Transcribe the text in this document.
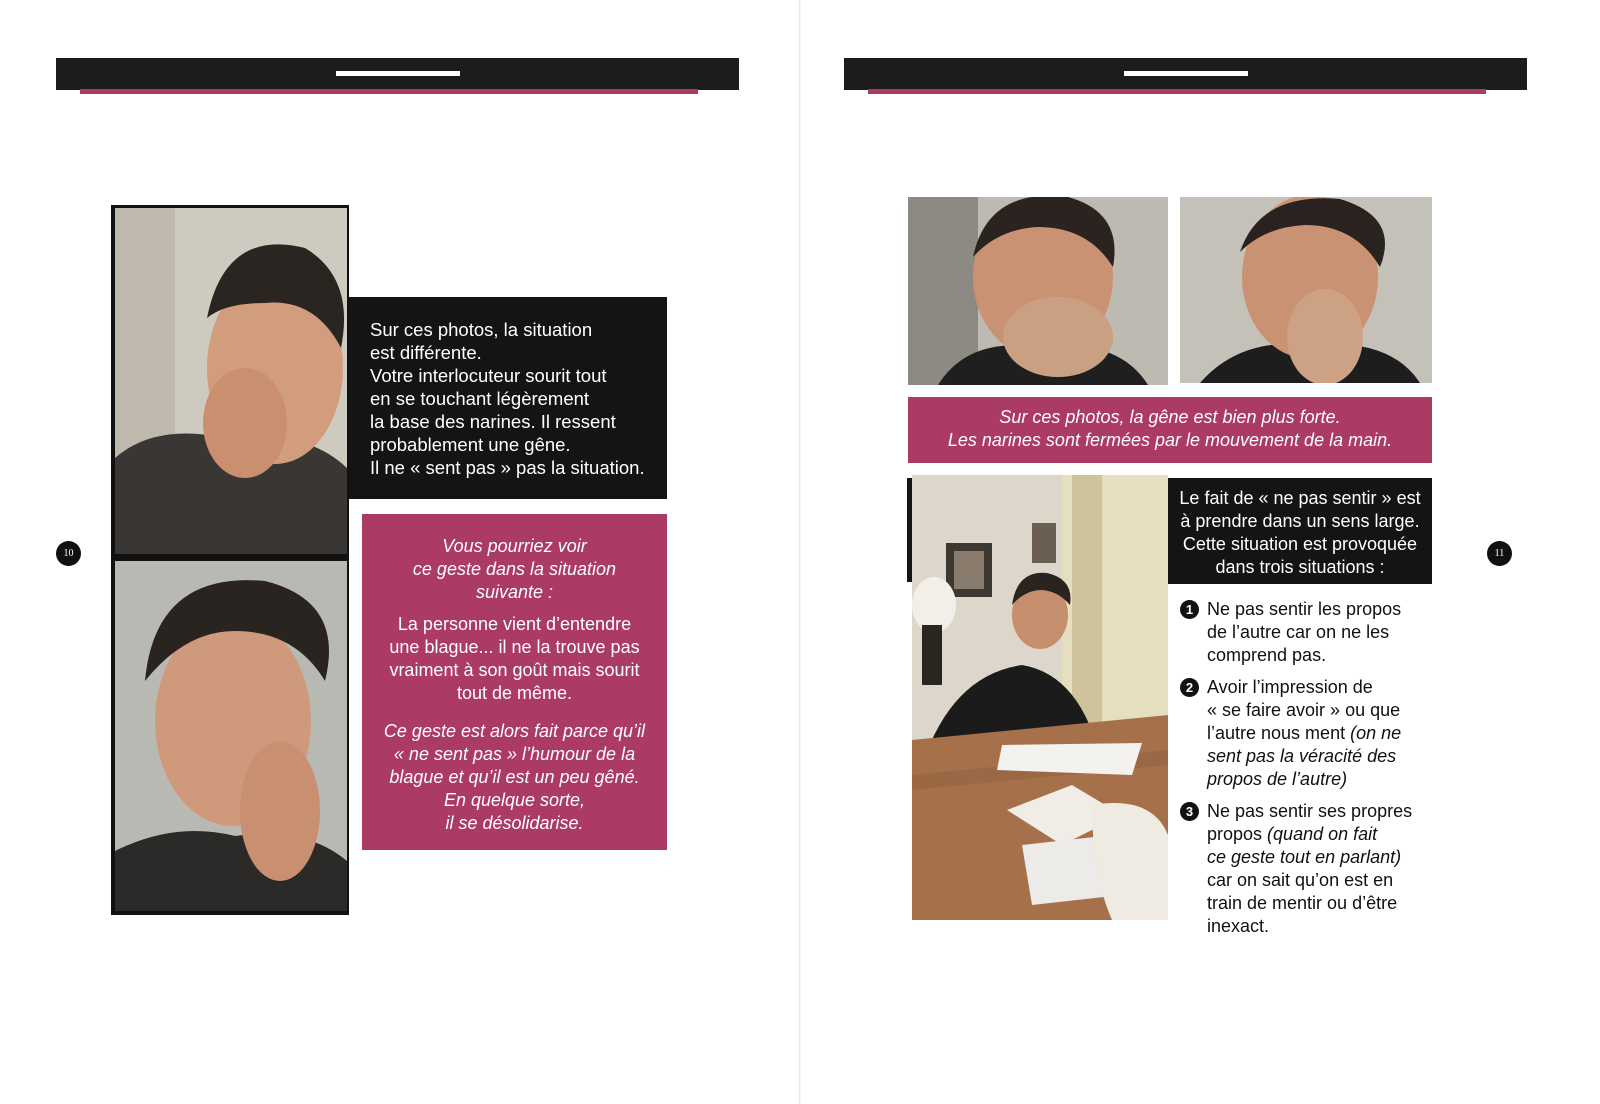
10	11

Sur ces photos, la situation

est différente.

Votre interlocuteur sourit tout

en se touchant légèrement

la base des narines. Il ressent

probablement une gêne.

Il ne « sent pas » pas la situation.

Vous pourriez voir

ce geste dans la situation

suivante :

La personne vient d’entendre

une blague... il ne la trouve pas

vraiment à son goût mais sourit

tout de même.

Ce geste est alors fait parce qu’il

« ne sent pas » l’humour de la

blague et qu’il est un peu gêné.

En quelque sorte,

il se désolidarise.

Sur ces photos, la gêne est bien plus forte.

Les narines sont fermées par le mouvement de la main.

Le fait de « ne pas sentir » est

à prendre dans un sens large.

Cette situation est provoquée

dans trois situations :

1 Ne pas sentir les propos

de l’autre car on ne les

comprend pas.

2 Avoir l’impression de

« se faire avoir » ou que

l’autre nous ment (on ne

sent pas la véracité des

propos de l’autre)

3 Ne pas sentir ses propres

propos (quand on fait

ce geste tout en parlant)

car on sait qu’on est en

train de mentir ou d’être

inexact.
